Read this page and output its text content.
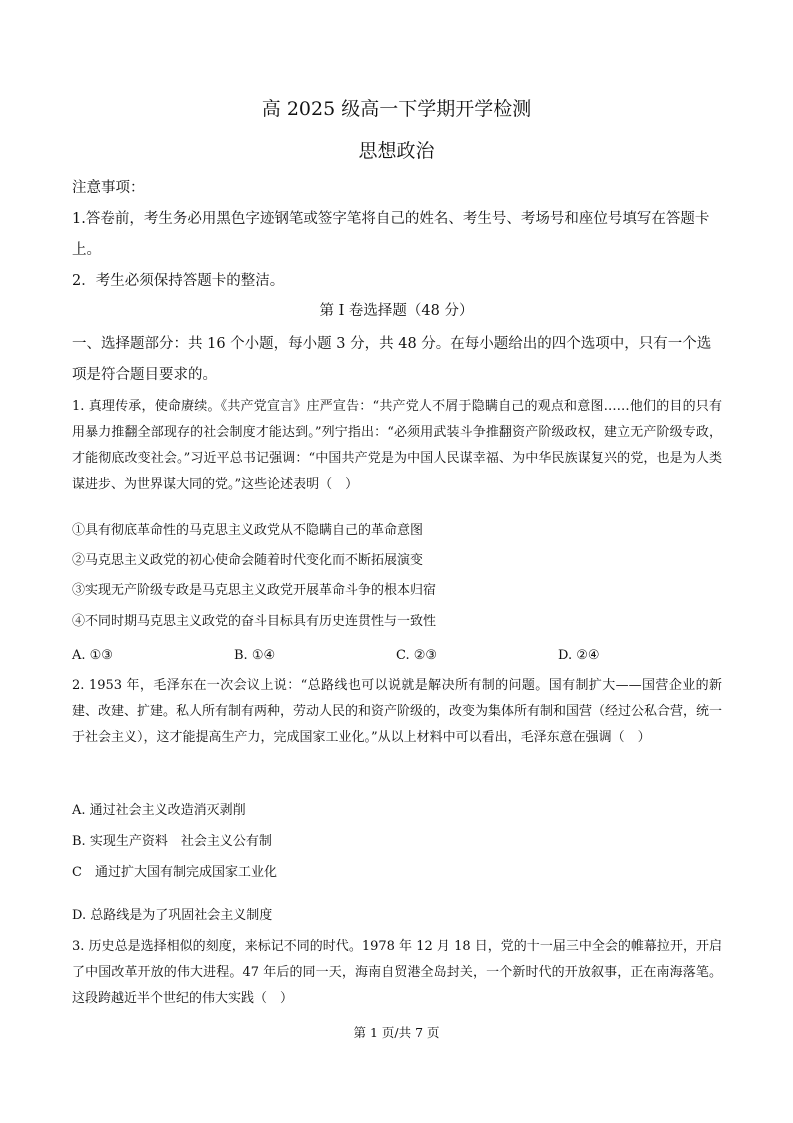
高 2025 级高一下学期开学检测
思想政治
注意事项：
1.答卷前，考生务必用黑色字迹钢笔或签字笔将自己的姓名、考生号、考场号和座位号填写在答题卡上。
2．考生必须保持答题卡的整洁。
第 I 卷选择题（48 分）
一、选择题部分：共 16 个小题，每小题 3 分，共 48 分。在每小题给出的四个选项中，只有一个选项是符合题目要求的。
1. 真理传承，使命赓续。《共产党宣言》庄严宣告：“共产党人不屑于隐瞒自己的观点和意图……他们的目的只有用暴力推翻全部现存的社会制度才能达到。”列宁指出：“必须用武装斗争推翻资产阶级政权，建立无产阶级专政，才能彻底改变社会。”习近平总书记强调：“中国共产党是为中国人民谋幸福、为中华民族谋复兴的党，也是为人类谋进步、为世界谋大同的党。”这些论述表明（　）
①具有彻底革命性的马克思主义政党从不隐瞒自己的革命意图
②马克思主义政党的初心使命会随着时代变化而不断拓展演变
③实现无产阶级专政是马克思主义政党开展革命斗争的根本归宿
④不同时期马克思主义政党的奋斗目标具有历史连贯性与一致性
A. ①③	B. ①④	C. ②③	D. ②④
2. 1953 年，毛泽东在一次会议上说：“总路线也可以说就是解决所有制的问题。国有制扩大——国营企业的新建、改建、扩建。私人所有制有两种，劳动人民的和资产阶级的，改变为集体所有制和国营（经过公私合营，统一于社会主义），这才能提高生产力，完成国家工业化。”从以上材料中可以看出，毛泽东意在强调（　）
A. 通过社会主义改造消灭剥削
B. 实现生产资料　社会主义公有制
C　通过扩大国有制完成国家工业化
D. 总路线是为了巩固社会主义制度
3. 历史总是选择相似的刻度，来标记不同的时代。1978 年 12 月 18 日，党的十一届三中全会的帷幕拉开，开启了中国改革开放的伟大进程。47 年后的同一天，海南自贸港全岛封关，一个新时代的开放叙事，正在南海落笔。这段跨越近半个世纪的伟大实践（　）
第 1 页/共 7 页
